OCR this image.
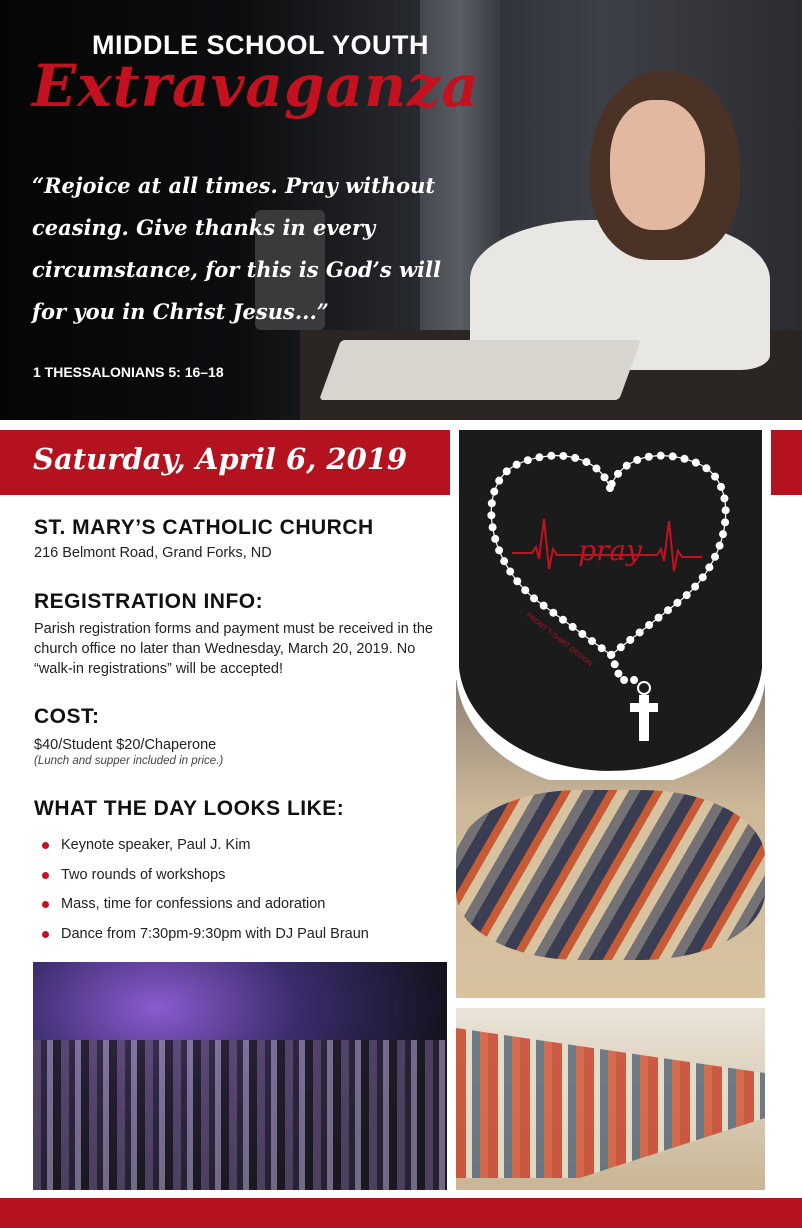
MIDDLE SCHOOL YOUTH
Extravaganza
“Rejoice at all times. Pray without
ceasing. Give thanks in every
circumstance, for this is God’s will
for you in Christ Jesus...”
1 THESSALONIANS 5: 16–18
Saturday, April 6, 2019
ST. MARY’S CATHOLIC CHURCH
216 Belmont Road, Grand Forks, ND
REGISTRATION INFO:
Parish registration forms and payment must be received in the church office no later than Wednesday, March 20, 2019. No “walk-in registrations” will be accepted!
COST:
$40/Student $20/Chaperone
(Lunch and supper included in price.)
WHAT THE DAY LOOKS LIKE:
Keynote speaker, Paul J. Kim
Two rounds of workshops
Mass, time for confessions and adoration
Dance from 7:30pm-9:30pm with DJ Paul Braun
pray
FRONT T-SHIRT DESIGN
